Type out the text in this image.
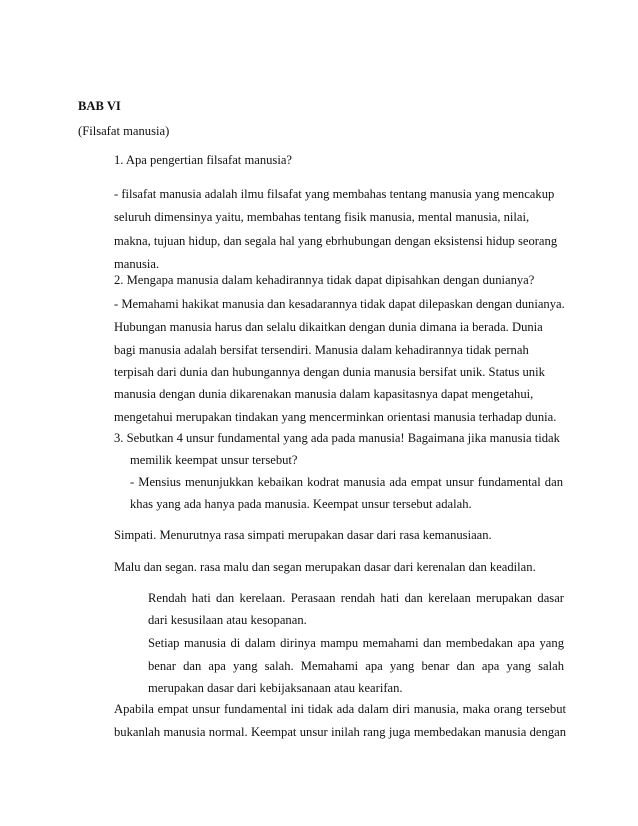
BAB VI
(Filsafat manusia)
1. Apa pengertian filsafat manusia?
- filsafat manusia adalah ilmu filsafat yang membahas tentang manusia yang mencakup
seluruh dimensinya yaitu, membahas tentang fisik manusia, mental manusia, nilai,
makna, tujuan hidup, dan segala hal yang ebrhubungan dengan eksistensi hidup seorang
manusia.
2. Mengapa manusia dalam kehadirannya tidak dapat dipisahkan dengan dunianya?
- Memahami hakikat manusia dan kesadarannya tidak dapat dilepaskan dengan dunianya.
Hubungan manusia harus dan selalu dikaitkan dengan dunia dimana ia berada. Dunia
bagi manusia adalah bersifat tersendiri. Manusia dalam kehadirannya tidak pernah
terpisah dari dunia dan hubungannya dengan dunia manusia bersifat unik. Status unik
manusia dengan dunia dikarenakan manusia dalam kapasitasnya dapat mengetahui,
mengetahui merupakan tindakan yang mencerminkan orientasi manusia terhadap dunia.
3. Sebutkan 4 unsur fundamental yang ada pada manusia! Bagaimana jika manusia tidak
memilik keempat unsur tersebut?
- Mensius menunjukkan kebaikan kodrat manusia ada empat unsur fundamental dan
khas yang ada hanya pada manusia. Keempat unsur tersebut adalah.
Simpati. Menurutnya rasa simpati merupakan dasar dari rasa kemanusiaan.
Malu dan segan. rasa malu dan segan merupakan dasar dari kerenalan dan keadilan.
Rendah hati dan kerelaan. Perasaan rendah hati dan kerelaan merupakan dasar
dari kesusilaan atau kesopanan.
Setiap manusia di dalam dirinya mampu memahami dan membedakan apa yang
benar dan apa yang salah. Memahami apa yang benar dan apa yang salah
merupakan dasar dari kebijaksanaan atau kearifan.
Apabila empat unsur fundamental ini tidak ada dalam diri manusia, maka orang tersebut
bukanlah manusia normal. Keempat unsur inilah rang juga membedakan manusia dengan
